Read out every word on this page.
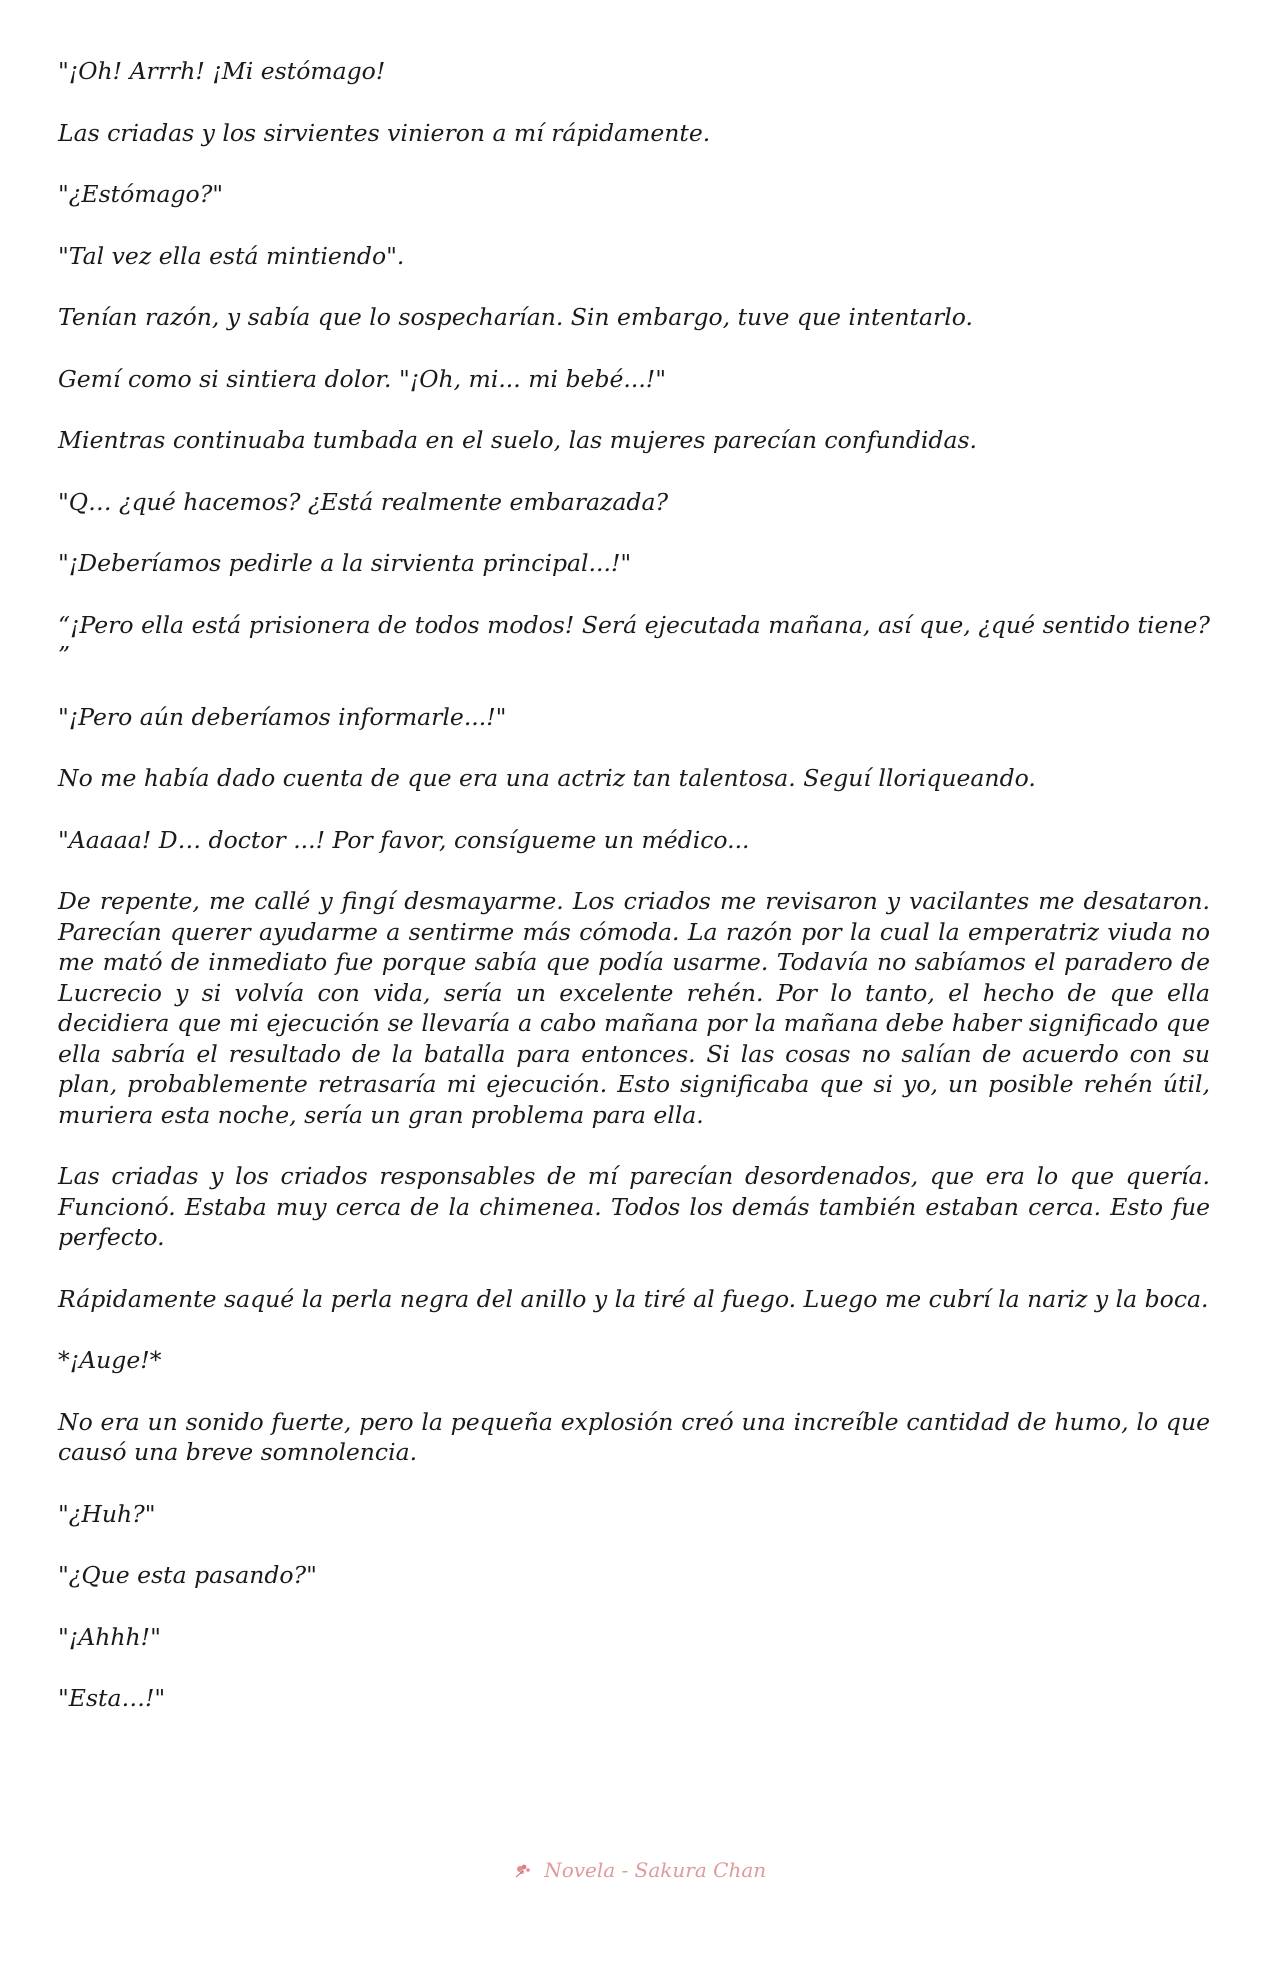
"¡Oh! Arrrh! ¡Mi estómago!

Las criadas y los sirvientes vinieron a mí rápidamente.

"¿Estómago?"

"Tal vez ella está mintiendo".

Tenían razón, y sabía que lo sospecharían. Sin embargo, tuve que intentarlo.

Gemí como si sintiera dolor. "¡Oh, mi... mi bebé...!"

Mientras continuaba tumbada en el suelo, las mujeres parecían confundidas.

"Q… ¿qué hacemos? ¿Está realmente embarazada?

"¡Deberíamos pedirle a la sirvienta principal...!"

“¡Pero ella está prisionera de todos modos! Será ejecutada mañana, así que, ¿qué sentido tiene? ”

"¡Pero aún deberíamos informarle...!"

No me había dado cuenta de que era una actriz tan talentosa. Seguí lloriqueando.

"Aaaaa! D… doctor ...! Por favor, consígueme un médico...

De repente, me callé y fingí desmayarme. Los criados me revisaron y vacilantes me desataron. Parecían querer ayudarme a sentirme más cómoda. La razón por la cual la emperatriz viuda no me mató de inmediato fue porque sabía que podía usarme. Todavía no sabíamos el paradero de Lucrecio y si volvía con vida, sería un excelente rehén. Por lo tanto, el hecho de que ella decidiera que mi ejecución se llevaría a cabo mañana por la mañana debe haber significado que ella sabría el resultado de la batalla para entonces. Si las cosas no salían de acuerdo con su plan, probablemente retrasaría mi ejecución. Esto significaba que si yo, un posible rehén útil, muriera esta noche, sería un gran problema para ella.

Las criadas y los criados responsables de mí parecían desordenados, que era lo que quería. Funcionó. Estaba muy cerca de la chimenea. Todos los demás también estaban cerca. Esto fue perfecto.

Rápidamente saqué la perla negra del anillo y la tiré al fuego. Luego me cubrí la nariz y la boca.

*¡Auge!*

No era un sonido fuerte, pero la pequeña explosión creó una increíble cantidad de humo, lo que causó una breve somnolencia.

"¿Huh?"

"¿Que esta pasando?"

"¡Ahhh!"

"Esta…!"

Novela - Sakura Chan
